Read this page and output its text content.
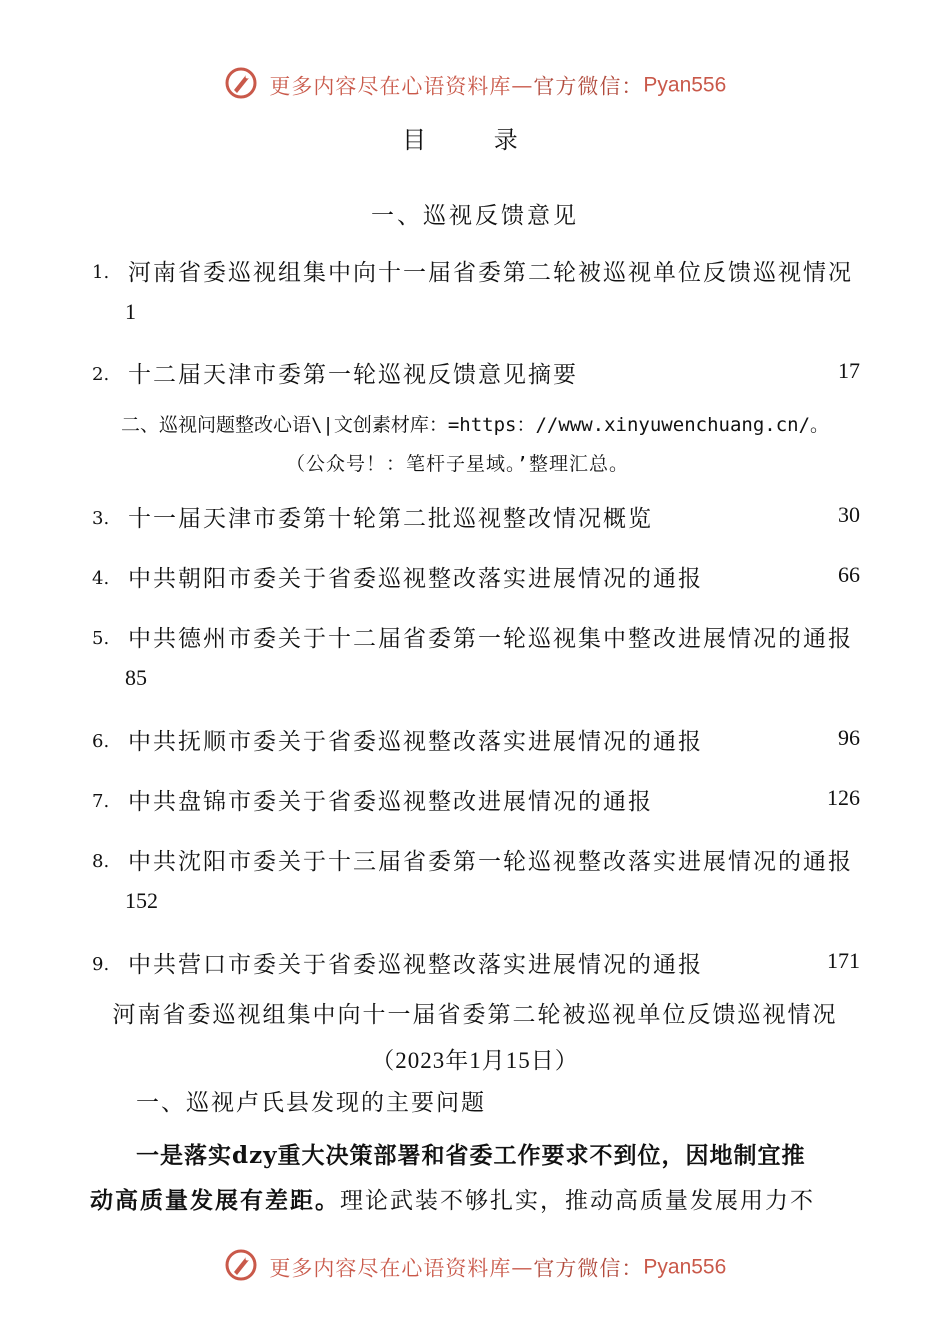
更多内容尽在心语资料库—官方微信：Pyan556
目 录
一、巡视反馈意见
1. 河南省委巡视组集中向十一届省委第二轮被巡视单位反馈巡视情况
1
2. 十二届天津市委第一轮巡视反馈意见摘要	17
二、巡视问题整改心语\|文创素材库：=https：//www.xinyuwenchuang.cn/。
（公众号！：笔杆子星域。’整理汇总。
3. 十一届天津市委第十轮第二批巡视整改情况概览	30
4. 中共朝阳市委关于省委巡视整改落实进展情况的通报	66
5. 中共德州市委关于十二届省委第一轮巡视集中整改进展情况的通报
85
6. 中共抚顺市委关于省委巡视整改落实进展情况的通报	96
7. 中共盘锦市委关于省委巡视整改进展情况的通报	126
8. 中共沈阳市委关于十三届省委第一轮巡视整改落实进展情况的通报
152
9. 中共营口市委关于省委巡视整改落实进展情况的通报	171
河南省委巡视组集中向十一届省委第二轮被巡视单位反馈巡视情况
（2023年1月15日）
一、巡视卢氏县发现的主要问题
一是落实dzy重大决策部署和省委工作要求不到位，因地制宜推
动高质量发展有差距。理论武装不够扎实，推动高质量发展用力不
更多内容尽在心语资料库—官方微信：Pyan556
